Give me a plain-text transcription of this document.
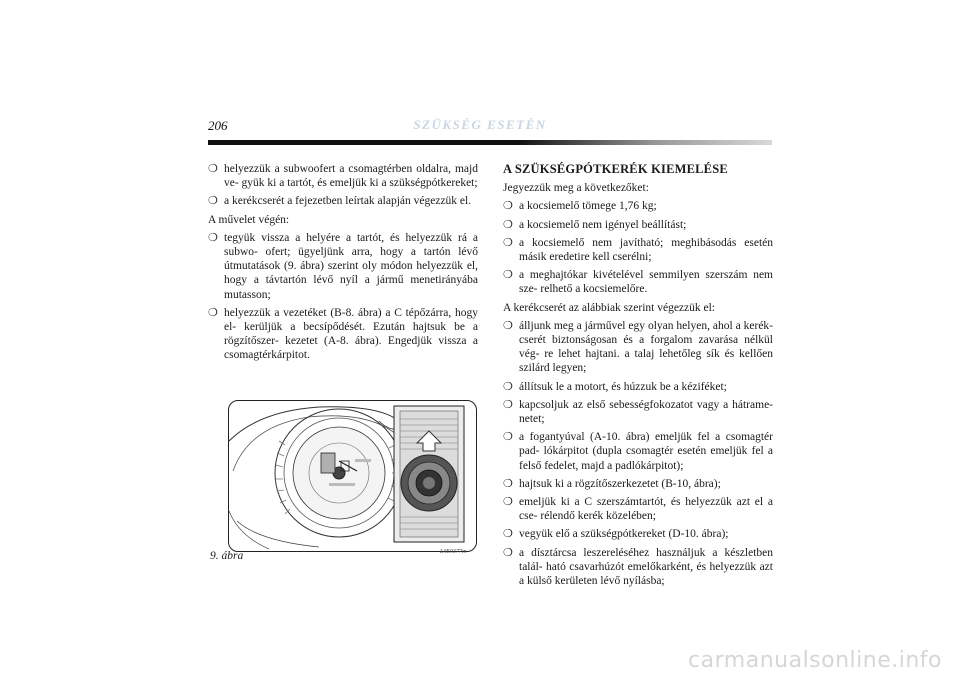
206	SZÜKSÉG ESETÉN
❍ helyezzük a subwoofert a csomagtérben oldalra, majd ve- gyük ki a tartót, és emeljük ki a szükségpótkereket;
❍ a kerékcserét a fejezetben leírtak alapján végezzük el.

A művelet végén:

❍ tegyük vissza a helyére a tartót, és helyezzük rá a subwo- ofert; ügyeljünk arra, hogy a tartón lévő útmutatások (9. ábra) szerint oly módon helyezzük el, hogy a távtartón lévő nyíl a jármű menetirányába mutasson;
❍ helyezzük a vezetéket (B-8. ábra) a C tépőzárra, hogy el- kerüljük a becsípődését. Ezután hajtsuk be a rögzítőszer- kezetet (A-8. ábra). Engedjük vissza a csomagtérkárpitot.
9. ábra	L0E0377m
A SZÜKSÉGPÓTKERÉK KIEMELÉSE

Jegyezzük meg a következőket:

❍ a kocsiemelő tömege 1,76 kg;
❍ a kocsiemelő nem igényel beállítást;
❍ a kocsiemelő nem javítható; meghibásodás esetén másik eredetire kell cserélni;
❍ a meghajtókar kivételével semmilyen szerszám nem sze- relhető a kocsiemelőre.

A kerékcserét az alábbiak szerint végezzük el:

❍ álljunk meg a járművel egy olyan helyen, ahol a kerék- cserét biztonságosan és a forgalom zavarása nélkül vég- re lehet hajtani. a talaj lehetőleg sík és kellően szilárd legyen;
❍ állítsuk le a motort, és húzzuk be a kéziféket;
❍ kapcsoljuk az első sebességfokozatot vagy a hátrame- netet;
❍ a fogantyúval (A-10. ábra) emeljük fel a csomagtér pad- lókárpitot (dupla csomagtér esetén emeljük fel a felső fedelet, majd a padlókárpitot);
❍ hajtsuk ki a rögzítőszerkezetet (B-10, ábra);
❍ emeljük ki a C szerszámtartót, és helyezzük azt el a cse- rélendő kerék közelében;
❍ vegyük elő a szükségpótkereket (D-10. ábra);
❍ a dísztárcsa leszereléséhez használjuk a készletben talál- ható csavarhúzót emelőkarként, és helyezzük azt a külső kerületen lévő nyílásba;
carmanualsonline.info
